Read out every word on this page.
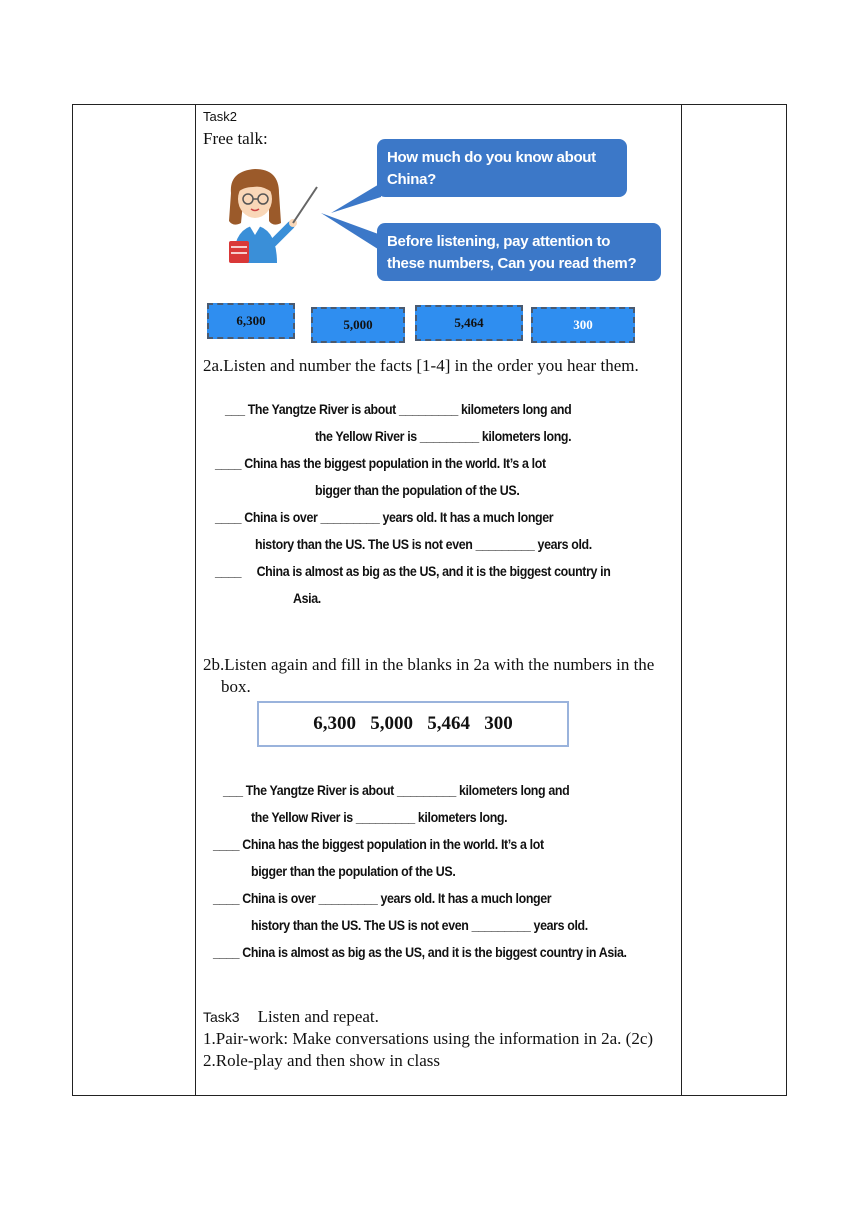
Task2
Free talk:
How much do you know about China?
Before listening, pay attention to these numbers, Can you read them?
6,300	5,000	5,464	300
2a.Listen and number the facts [1-4] in the order you hear them.
___ The Yangtze River is about _________ kilometers long and
the Yellow River is _________ kilometers long.
____ China has the biggest population in the world. It’s a lot
bigger than the population of the US.
____ China is over _________ years old. It has a much longer
history than the US. The US is not even _________ years old.
____     China is almost as big as the US, and it is the biggest country in
Asia.
2b.Listen again and fill in the blanks in 2a with the numbers in the
box.
6,300   5,000   5,464   300
___ The Yangtze River is about _________ kilometers long and
the Yellow River is _________ kilometers long.
____ China has the biggest population in the world. It’s a lot
bigger than the population of the US.
____ China is over _________ years old. It has a much longer
history than the US. The US is not even _________ years old.
____ China is almost as big as the US, and it is the biggest country in Asia.
Task3 Listen and repeat.
1.Pair-work: Make conversations using the information in 2a. (2c)
2.Role-play and then show in class
